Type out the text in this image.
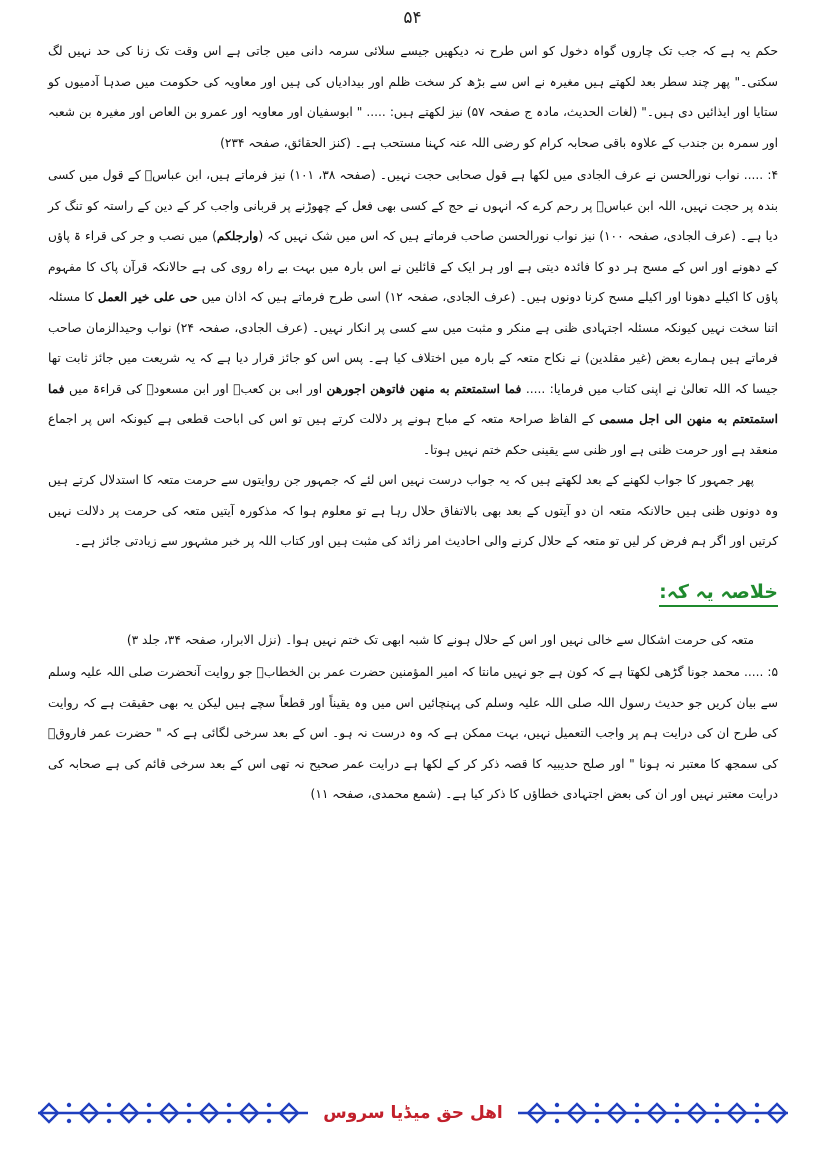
۵۴

حکم یہ ہے کہ جب تک چاروں گواہ دخول کو اس طرح نہ دیکھیں جیسے سلائی سرمہ دانی میں جاتی ہے اس وقت تک زنا کی حد نہیں لگ سکتی۔" پھر چند سطر بعد لکھتے ہیں مغیرہ نے اس سے بڑھ کر سخت ظلم اور بیدادیاں کی ہیں اور معاویہ کی حکومت میں صدہا آدمیوں کو ستایا اور ایذائیں دی ہیں۔" (لغات الحدیث، مادہ ج صفحہ ۵۷) نیز لکھتے ہیں: ..... " ابوسفیان اور معاویہ اور عمرو بن العاص اور مغیرہ بن شعبہ اور سمرہ بن جندب کے علاوہ باقی صحابہ کرام کو رضی اللہ عنہ کہنا مستحب ہے۔ (کنز الحقائق، صفحہ ۲۳۴)

۴: ..... نواب نورالحسن نے عرف الجادی میں لکھا ہے قول صحابی حجت نہیں۔ (صفحہ ۳۸، ۱۰۱) نیز فرماتے ہیں، ابن عباسؓ کے قول میں کسی بندہ پر حجت نہیں، اللہ ابن عباسؓ پر رحم کرے کہ انہوں نے حج کے کسی بھی فعل کے چھوڑنے پر قربانی واجب کر کے دین کے راستہ کو تنگ کر دیا ہے۔ (عرف الجادی، صفحہ ۱۰۰) نیز نواب نورالحسن صاحب فرماتے ہیں کہ اس میں شک نہیں کہ (وارجلکم) میں نصب و جر کی قراء ۃ پاؤں کے دھونے اور اس کے مسح ہر دو کا فائدہ دیتی ہے اور ہر ایک کے قائلین نے اس بارہ میں بہت بے راہ روی کی ہے حالانکہ قرآن پاک کا مفہوم پاؤں کا اکیلے دھونا اور اکیلے مسح کرنا دونوں ہیں۔ (عرف الجادی، صفحہ ۱۲) اسی طرح فرماتے ہیں کہ اذان میں حی علی خیر العمل کا مسئلہ اتنا سخت نہیں کیونکہ مسئلہ اجتہادی ظنی ہے منکر و مثبت میں سے کسی پر انکار نہیں۔ (عرف الجادی، صفحہ ۲۴) نواب وحیدالزمان صاحب فرماتے ہیں ہمارے بعض (غیر مقلدین) نے نکاح متعہ کے بارہ میں اختلاف کیا ہے۔ پس اس کو جائز قرار دیا ہے کہ یہ شریعت میں جائز ثابت تھا جیسا کہ اللہ تعالیٰ نے اپنی کتاب میں فرمایا: ..... فما استمتعتم به منهن فاتوهن اجورهن اور ابی بن کعبؓ اور ابن مسعودؓ کی قراءۃ میں فما استمتعتم به منهن الی اجل مسمی کے الفاظ صراحۃ متعہ کے مباح ہونے پر دلالت کرتے ہیں تو اس کی اباحت قطعی ہے کیونکہ اس پر اجماع منعقد ہے اور حرمت ظنی ہے اور ظنی سے یقینی حکم ختم نہیں ہوتا۔

پھر جمہور کا جواب لکھنے کے بعد لکھتے ہیں کہ یہ جواب درست نہیں اس لئے کہ جمہور جن روایتوں سے حرمت متعہ کا استدلال کرتے ہیں وہ دونوں ظنی ہیں حالانکہ متعہ ان دو آیتوں کے بعد بھی بالاتفاق حلال رہا ہے تو معلوم ہوا کہ مذکورہ آیتیں متعہ کی حرمت پر دلالت نہیں کرتیں اور اگر ہم فرض کر لیں تو متعہ کے حلال کرنے والی احادیث امر زائد کی مثبت ہیں اور کتاب اللہ پر خبر مشہور سے زیادتی جائز ہے۔

خلاصہ یہ کہ:

متعہ کی حرمت اشکال سے خالی نہیں اور اس کے حلال ہونے کا شبہ ابھی تک ختم نہیں ہوا۔ (نزل الابرار، صفحہ ۳۴، جلد ۳)

۵: ..... محمد جونا گڑھی لکھتا ہے کہ کون ہے جو نہیں مانتا کہ امیر المؤمنین حضرت عمر بن الخطابؓ جو روایت آنحضرت صلی اللہ علیہ وسلم سے بیان کریں جو حدیث رسول اللہ صلی اللہ علیہ وسلم کی پہنچائیں اس میں وہ یقیناً اور قطعاً سچے ہیں لیکن یہ بھی حقیقت ہے کہ روایت کی طرح ان کی درایت ہم پر واجب التعمیل نہیں، بہت ممکن ہے کہ وہ درست نہ ہو۔ اس کے بعد سرخی لگائی ہے کہ " حضرت عمر فاروقؓ کی سمجھ کا معتبر نہ ہونا " اور صلح حدیبیہ کا قصہ ذکر کر کے لکھا ہے درایت عمر صحیح نہ تھی اس کے بعد سرخی قائم کی ہے صحابہ کی درایت معتبر نہیں اور ان کی بعض اجتہادی خطاؤں کا ذکر کیا ہے۔ (شمع محمدی، صفحہ ۱۱)

اهل حق میڈیا سروس
